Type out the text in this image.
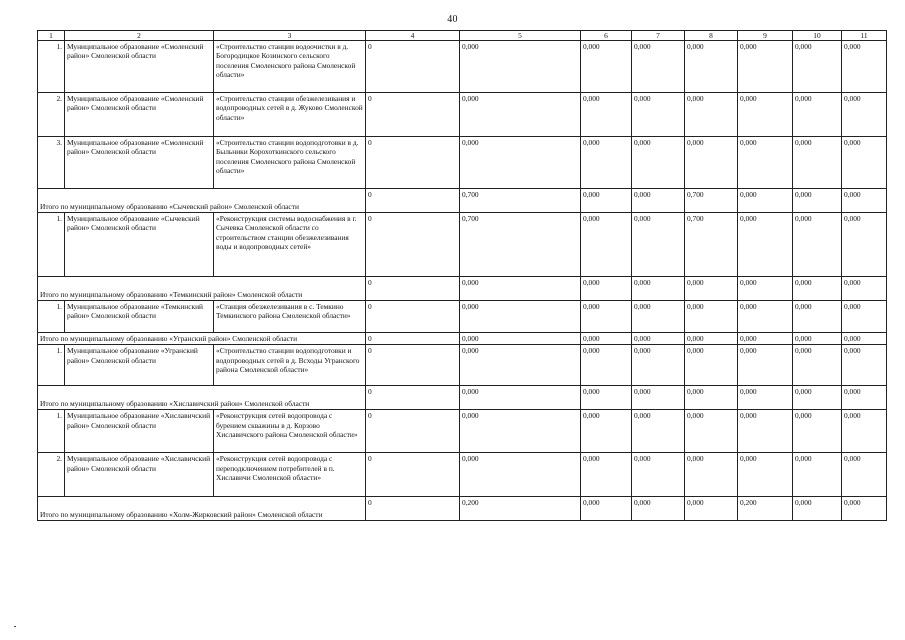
40
1	2	3	4	5	6	7	8	9	10	11
1.	Муниципальное образование «Смоленский район» Смоленской области	«Строительство станции водоочистки в д. Богородицкое Козинского сельского поселения Смоленского района Смоленской области»	0	0,000	0,000	0,000	0,000	0,000	0,000	0,000
2.	Муниципальное образование «Смоленский район» Смоленской области	«Строительство станции обезжелезивания и водопроводных сетей в д. Жуково Смоленской области»	0	0,000	0,000	0,000	0,000	0,000	0,000	0,000
3.	Муниципальное образование «Смоленский район» Смоленской области	«Строительство станции водоподготовки в д. Быльники Корохоткинского сельского поселения Смоленского района Смоленской области»	0	0,000	0,000	0,000	0,000	0,000	0,000	0,000
Итого по муниципальному образованию «Сычевский район» Смоленской области			0	0,700	0,000	0,000	0,700	0,000	0,000	0,000
1.	Муниципальное образование «Сычевский район» Смоленской области	«Реконструкция системы водоснабжения в г. Сычевка Смоленской области со строительством станции обезжелезивания воды и водопроводных сетей»	0	0,700	0,000	0,000	0,700	0,000	0,000	0,000
Итого по муниципальному образованию «Темкинский район» Смоленской области			0	0,000	0,000	0,000	0,000	0,000	0,000	0,000
1.	Муниципальное образование «Темкинский район» Смоленской области	«Станция обезжелезивания в с. Темкино Темкинского района Смоленской области»	0	0,000	0,000	0,000	0,000	0,000	0,000	0,000
Итого по муниципальному образованию «Угранский район» Смоленской области			0	0,000	0,000	0,000	0,000	0,000	0,000	0,000
1.	Муниципальное образование «Угранский район» Смоленской области	«Строительство станции водоподготовки и водопроводных сетей в д. Всходы Угранского района Смоленской области»	0	0,000	0,000	0,000	0,000	0,000	0,000	0,000
Итого по муниципальному образованию «Хиславичский район» Смоленской области			0	0,000	0,000	0,000	0,000	0,000	0,000	0,000
1.	Муниципальное образование «Хиславичский район» Смоленской области	«Реконструкция сетей водопровода с бурением скважины в д. Корзово Хиславичского района Смоленской области»	0	0,000	0,000	0,000	0,000	0,000	0,000	0,000
2.	Муниципальное образование «Хиславичский район» Смоленской области	«Реконструкция сетей водопровода с переподключением потребителей в п. Хиславичи Смоленской области»	0	0,000	0,000	0,000	0,000	0,000	0,000	0,000
Итого по муниципальному образованию «Холм-Жирковский район» Смоленской области			0	0,200	0,000	0,000	0,000	0,200	0,000	0,000
